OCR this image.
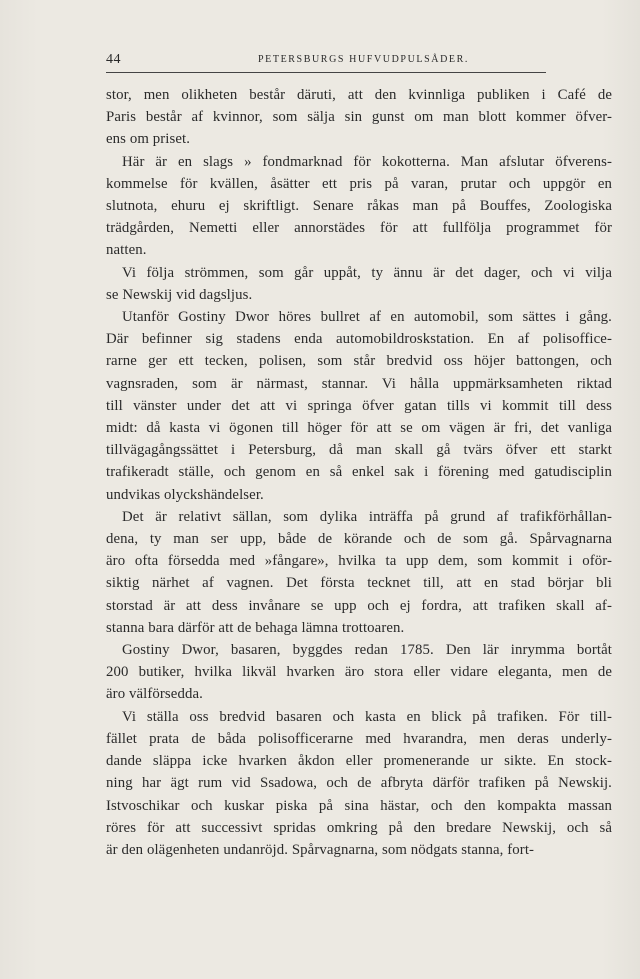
44	PETERSBURGS HUFVUDPULSÅDER.
stor, men olikheten består däruti, att den kvinnliga publiken i Café de
Paris består af kvinnor, som sälja sin gunst om man blott kommer öfver-
ens om priset.
Här är en slags » fondmarknad för kokotterna. Man afslutar öfverens-
kommelse för kvällen, åsätter ett pris på varan, prutar och uppgör en
slutnota, ehuru ej skriftligt. Senare råkas man på Bouffes, Zoologiska
trädgården, Nemetti eller annorstädes för att fullfölja programmet för
natten.
Vi följa strömmen, som går uppåt, ty ännu är det dager, och vi vilja
se Newskij vid dagsljus.
Utanför Gostiny Dwor höres bullret af en automobil, som sättes i gång.
Där befinner sig stadens enda automobildroskstation. En af polisoffice-
rarne ger ett tecken, polisen, som står bredvid oss höjer battongen, och
vagnsraden, som är närmast, stannar. Vi hålla uppmärksamheten riktad
till vänster under det att vi springa öfver gatan tills vi kommit till dess
midt: då kasta vi ögonen till höger för att se om vägen är fri, det vanliga
tillvägagångssättet i Petersburg, då man skall gå tvärs öfver ett starkt
trafikeradt ställe, och genom en så enkel sak i förening med gatudisciplin
undvikas olyckshändelser.
Det är relativt sällan, som dylika inträffa på grund af trafikförhållan-
dena, ty man ser upp, både de körande och de som gå. Spårvagnarna
äro ofta försedda med »fångare», hvilka ta upp dem, som kommit i oför-
siktig närhet af vagnen. Det första tecknet till, att en stad börjar bli
storstad är att dess invånare se upp och ej fordra, att trafiken skall af-
stanna bara därför att de behaga lämna trottoaren.
Gostiny Dwor, basaren, byggdes redan 1785. Den lär inrymma bortåt
200 butiker, hvilka likväl hvarken äro stora eller vidare eleganta, men de
äro välförsedda.
Vi ställa oss bredvid basaren och kasta en blick på trafiken. För till-
fället prata de båda polisofficerarne med hvarandra, men deras underly-
dande släppa icke hvarken åkdon eller promenerande ur sikte. En stock-
ning har ägt rum vid Ssadowa, och de afbryta därför trafiken på Newskij.
Istvoschikar och kuskar piska på sina hästar, och den kompakta massan
röres för att successivt spridas omkring på den bredare Newskij, och så
är den olägenheten undanröjd. Spårvagnarna, som nödgats stanna, fort-
